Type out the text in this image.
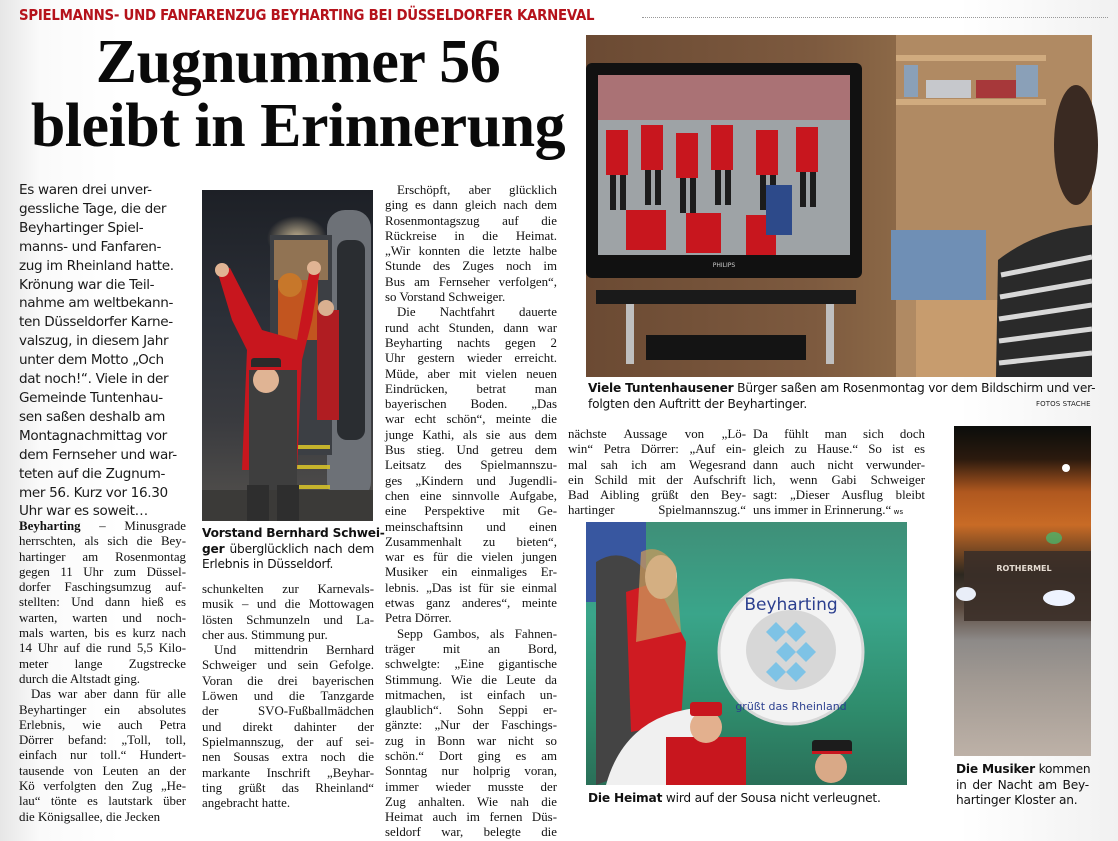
SPIELMANNS- UND FANFARENZUG BEYHARTING BEI DÜSSELDORFER KARNEVAL
Zugnummer 56
bleibt in Erinnerung
Es waren drei unver-
gessliche Tage, die der
Beyhartinger Spiel-
manns- und Fanfaren-
zug im Rheinland hatte.
Krönung war die Teil-
nahme am weltbekann-
ten Düsseldorfer Karne-
valszug, in diesem Jahr
unter dem Motto „Och
dat noch!“. Viele in der
Gemeinde Tuntenhau-
sen saßen deshalb am
Montagnachmittag vor
dem Fernseher und war-
teten auf die Zugnum-
mer 56. Kurz vor 16.30
Uhr war es soweit…
Vorstand Bernhard Schwei-
ger überglücklich nach dem
Erlebnis in Düsseldorf.
PHILIPS
Viele Tuntenhausener Bürger saßen am Rosenmontag vor dem Bildschirm und ver-
folgten den Auftritt der Beyhartinger.	FOTOS STACHE
Beyharting
grüßt das Rheinland
Die Heimat wird auf der Sousa nicht verleugnet.
ROTHERMEL
Die Musiker kommen
in der Nacht am Bey-
hartinger Kloster an.
Beyharting – Minusgrade
herrschten, als sich die Bey-
hartinger am Rosenmontag
gegen 11 Uhr zum Düssel-
dorfer Faschingsumzug auf-
stellten: Und dann hieß es
warten, warten und noch-
mals warten, bis es kurz nach
14 Uhr auf die rund 5,5 Kilo-
meter lange Zugstrecke
durch die Altstadt ging.
Das war aber dann für alle
Beyhartinger ein absolutes
Erlebnis, wie auch Petra
Dörrer befand: „Toll, toll,
einfach nur toll.“ Hundert-
tausende von Leuten an der
Kö verfolgten den Zug „He-
lau“ tönte es lautstark über
die Königsallee, die Jecken
schunkelten zur Karnevals-
musik – und die Mottowagen
lösten Schmunzeln und La-
cher aus. Stimmung pur.
Und mittendrin Bernhard
Schweiger und sein Gefolge.
Voran die drei bayerischen
Löwen und die Tanzgarde
der SVO-Fußballmädchen
und direkt dahinter der
Spielmannszug, der auf sei-
nen Sousas extra noch die
markante Inschrift „Beyhar-
ting grüßt das Rheinland“
angebracht hatte.
Erschöpft, aber glücklich
ging es dann gleich nach dem
Rosenmontagszug auf die
Rückreise in die Heimat.
„Wir konnten die letzte halbe
Stunde des Zuges noch im
Bus am Fernseher verfolgen“,
so Vorstand Schweiger.
Die Nachtfahrt dauerte
rund acht Stunden, dann war
Beyharting nachts gegen 2
Uhr gestern wieder erreicht.
Müde, aber mit vielen neuen
Eindrücken, betrat man
bayerischen Boden. „Das
war echt schön“, meinte die
junge Kathi, als sie aus dem
Bus stieg. Und getreu dem
Leitsatz des Spielmannszu-
ges „Kindern und Jugendli-
chen eine sinnvolle Aufgabe,
eine Perspektive mit Ge-
meinschaftsinn und einen
Zusammenhalt zu bieten“,
war es für die vielen jungen
Musiker ein einmaliges Er-
lebnis. „Das ist für sie einmal
etwas ganz anderes“, meinte
Petra Dörrer.
Sepp Gambos, als Fahnen-
träger mit an Bord,
schwelgte: „Eine gigantische
Stimmung. Wie die Leute da
mitmachen, ist einfach un-
glaublich“. Sohn Seppi er-
gänzte: „Nur der Faschings-
zug in Bonn war nicht so
schön.“ Dort ging es am
Sonntag nur holprig voran,
immer wieder musste der
Zug anhalten. Wie nah die
Heimat auch im fernen Düs-
seldorf war, belegte die
nächste Aussage von „Lö-
win“ Petra Dörrer: „Auf ein-
mal sah ich am Wegesrand
ein Schild mit der Aufschrift
Bad Aibling grüßt den Bey-
hartinger Spielmannszug.“
Da fühlt man sich doch
gleich zu Hause.“ So ist es
dann auch nicht verwunder-
lich, wenn Gabi Schweiger
sagt: „Dieser Ausflug bleibt
uns immer in Erinnerung.“ ws
